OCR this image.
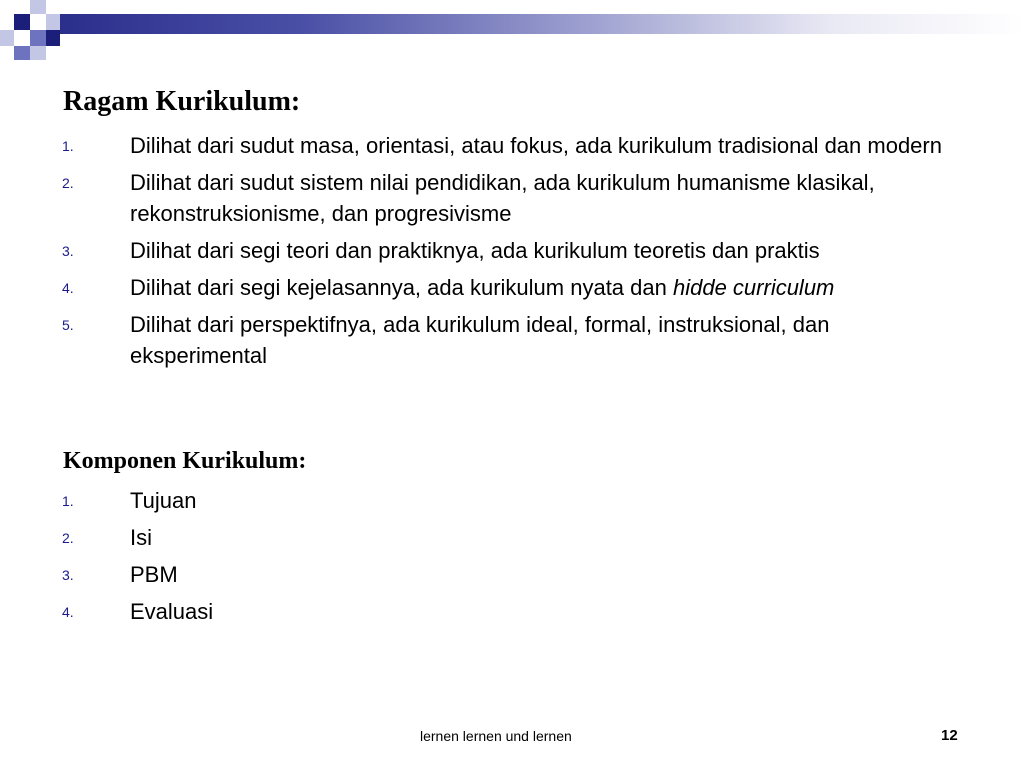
Ragam Kurikulum:
1.	Dilihat dari sudut masa, orientasi, atau fokus, ada kurikulum tradisional dan modern
2.	Dilihat dari sudut sistem nilai pendidikan, ada kurikulum humanisme klasikal, rekonstruksionisme, dan progresivisme
3.	Dilihat dari segi teori dan praktiknya, ada kurikulum teoretis dan praktis
4.	Dilihat dari segi kejelasannya, ada kurikulum nyata dan hidde curriculum
5.	Dilihat dari perspektifnya, ada kurikulum ideal, formal, instruksional, dan eksperimental
Komponen Kurikulum:
1.	Tujuan
2.	Isi
3.	PBM
4.	Evaluasi
lernen lernen und lernen	12
